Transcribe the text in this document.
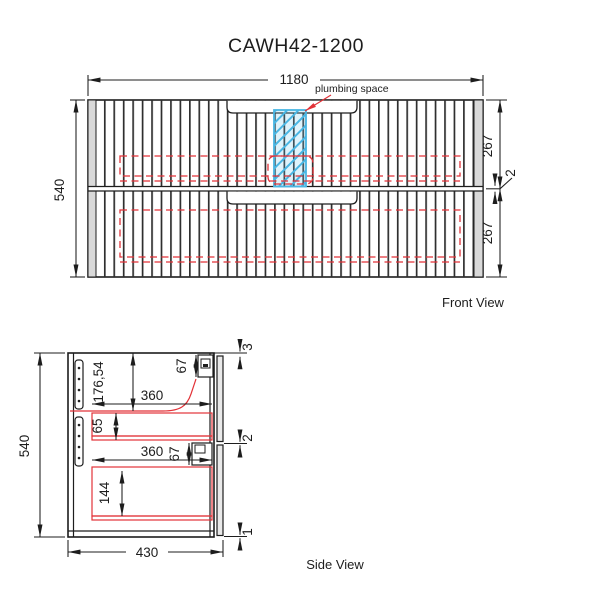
CAWH42-1200
1180
540
267
267
2
plumbing space
Front View
540
430
176,54
65
360
67
360 67
144
3
2
1
Side View
